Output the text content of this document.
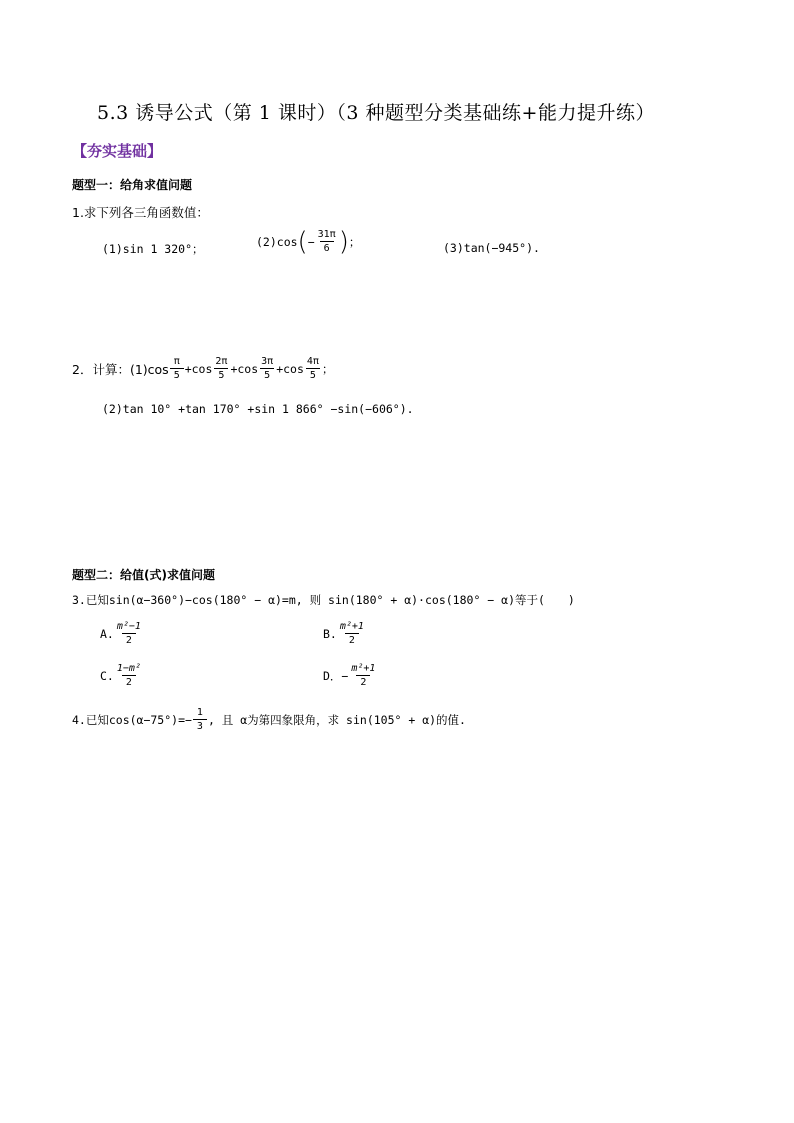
5.3 诱导公式（第 1 课时）（3 种题型分类基础练+能力提升练）
【夯实基础】
题型一：给角求值问题
1.求下列各三角函数值：
(1)sin 1 320°；
(2)cos ( − $\frac{31\pi}{6}$ ) ；	(3)tan(−945°).
2．计算：$(1)\cos \frac{\pi}{5} +\cos \frac{2\pi}{5} +\cos \frac{3\pi}{5} +\cos \frac{4\pi}{5}$ ；
(2)tan 10° +tan 170° +sin 1 866° −sin(−606°).
题型二：给值(式)求值问题
3.已知sin(α−360°)−cos(180° − α)=m, 则 sin(180° + α)·cos(180° − α)等于(　　)
A. $\frac{\text{m²−1}}{2}$	B. $\frac{\text{m²+1}}{2}$
C. $\frac{\text{1−m²}}{2}$	D．− $\frac{\text{m²+1}}{2}$
4.已知$\cos(\alpha-75^\circ)=- \frac{1}{3}$ , 且 α为第四象限角，求 sin(105° + α)的值.
